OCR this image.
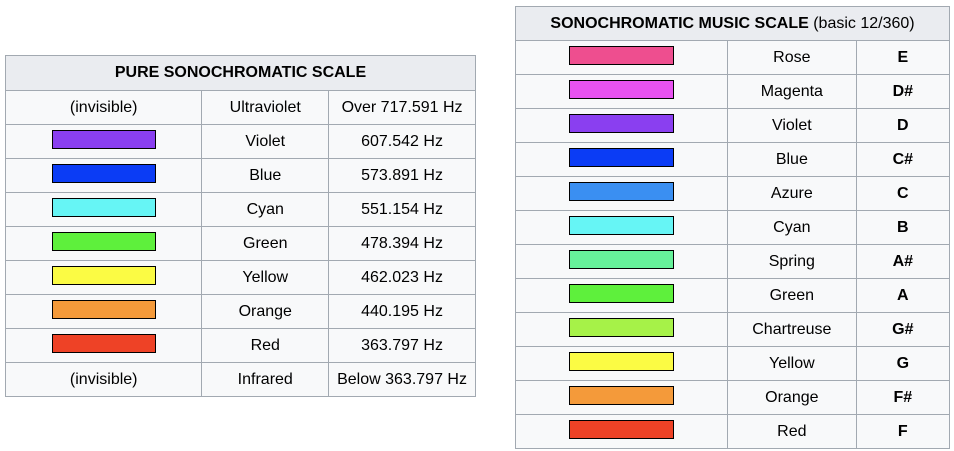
PURE SONOCHROMATIC SCALE		
(invisible)	Ultraviolet	Over 717.591 Hz
	Violet	607.542 Hz
	Blue	573.891 Hz
	Cyan	551.154 Hz
	Green	478.394 Hz
	Yellow	462.023 Hz
	Orange	440.195 Hz
	Red	363.797 Hz
(invisible)	Infrared	Below 363.797 Hz
SONOCHROMATIC MUSIC SCALE (basic 12/360)		
	Rose	E
	Magenta	D#
	Violet	D
	Blue	C#
	Azure	C
	Cyan	B
	Spring	A#
	Green	A
	Chartreuse	G#
	Yellow	G
	Orange	F#
	Red	F
